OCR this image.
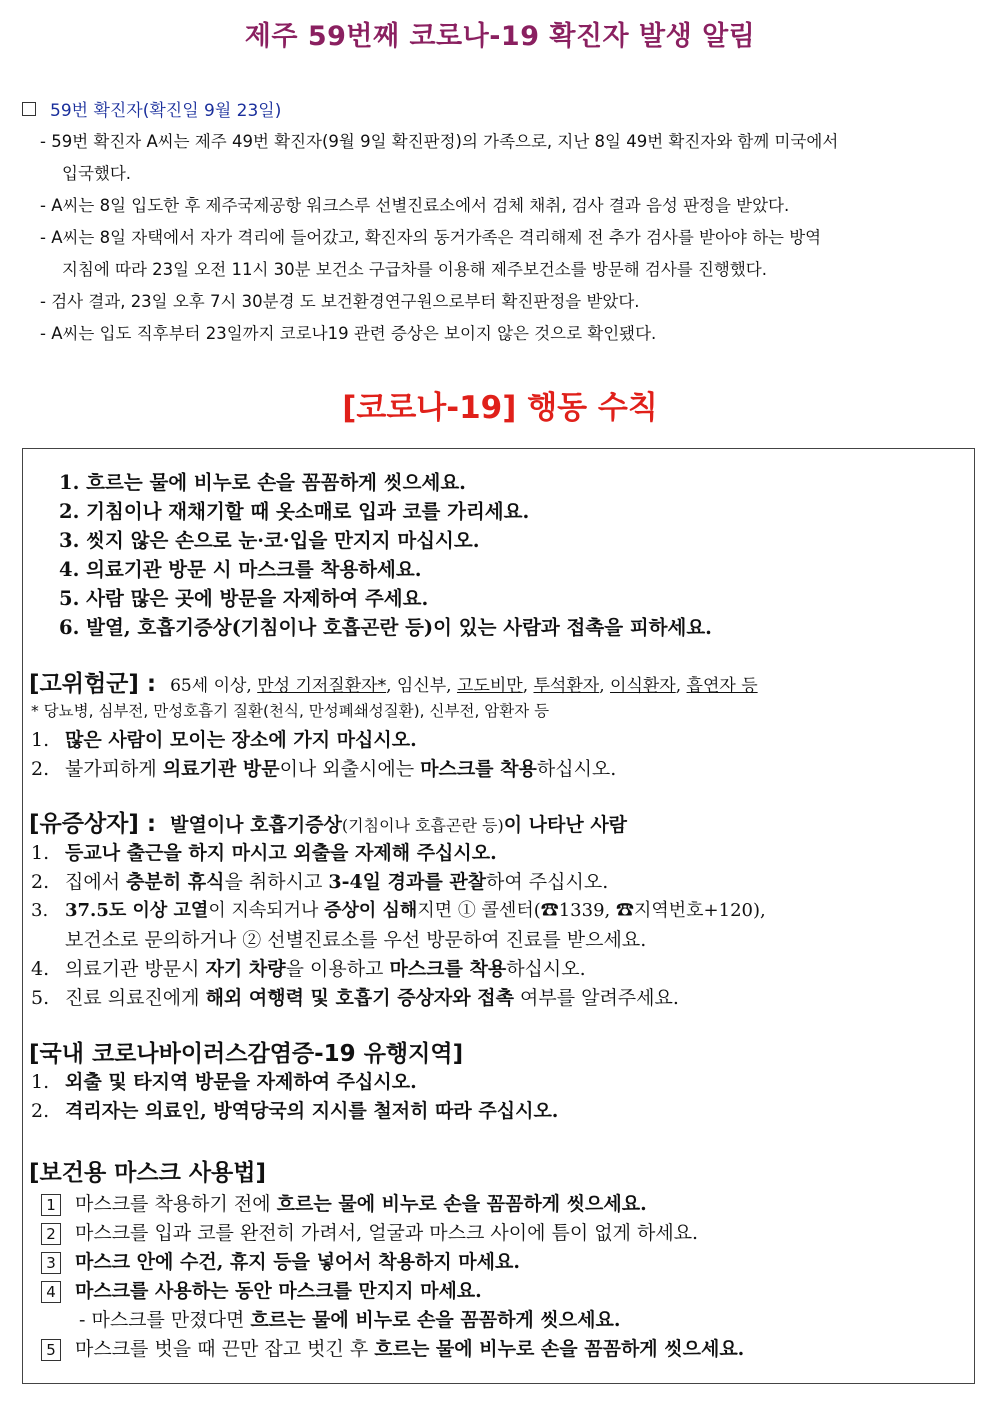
제주 59번째 코로나-19 확진자 발생 알림
59번 확진자(확진일 9월 23일)
- 59번 확진자 A씨는 제주 49번 확진자(9월 9일 확진판정)의 가족으로, 지난 8일 49번 확진자와 함께 미국에서
입국했다.
- A씨는 8일 입도한 후 제주국제공항 워크스루 선별진료소에서 검체 채취, 검사 결과 음성 판정을 받았다.
- A씨는 8일 자택에서 자가 격리에 들어갔고, 확진자의 동거가족은 격리해제 전 추가 검사를 받아야 하는 방역
지침에 따라 23일 오전 11시 30분 보건소 구급차를 이용해 제주보건소를 방문해 검사를 진행했다.
- 검사 결과, 23일 오후 7시 30분경 도 보건환경연구원으로부터 확진판정을 받았다.
- A씨는 입도 직후부터 23일까지 코로나19 관련 증상은 보이지 않은 것으로 확인됐다.
[코로나-19] 행동 수칙
1. 흐르는 물에 비누로 손을 꼼꼼하게 씻으세요.
2. 기침이나 재채기할 때 옷소매로 입과 코를 가리세요.
3. 씻지 않은 손으로 눈·코·입을 만지지 마십시오.
4. 의료기관 방문 시 마스크를 착용하세요.
5. 사람 많은 곳에 방문을 자제하여 주세요.
6. 발열, 호흡기증상(기침이나 호흡곤란 등)이 있는 사람과 접촉을 피하세요.
[고위험군] : 65세 이상, 만성 기저질환자*, 임신부, 고도비만, 투석환자, 이식환자, 흡연자 등
* 당뇨병, 심부전, 만성호흡기 질환(천식, 만성폐쇄성질환), 신부전, 암환자 등
1. 많은 사람이 모이는 장소에 가지 마십시오.
2. 불가피하게 의료기관 방문이나 외출시에는 마스크를 착용하십시오.
[유증상자] : 발열이나 호흡기증상(기침이나 호흡곤란 등)이 나타난 사람
1. 등교나 출근을 하지 마시고 외출을 자제해 주십시오.
2. 집에서 충분히 휴식을 취하시고 3-4일 경과를 관찰하여 주십시오.
3. 37.5도 이상 고열이 지속되거나 증상이 심해지면 ① 콜센터(☎1339, ☎지역번호+120),
보건소로 문의하거나 ② 선별진료소를 우선 방문하여 진료를 받으세요.
4. 의료기관 방문시 자기 차량을 이용하고 마스크를 착용하십시오.
5. 진료 의료진에게 해외 여행력 및 호흡기 증상자와 접촉 여부를 알려주세요.
[국내 코로나바이러스감염증-19 유행지역]
1. 외출 및 타지역 방문을 자제하여 주십시오.
2. 격리자는 의료인, 방역당국의 지시를 철저히 따라 주십시오.
[보건용 마스크 사용법]
1 마스크를 착용하기 전에 흐르는 물에 비누로 손을 꼼꼼하게 씻으세요.
2 마스크를 입과 코를 완전히 가려서, 얼굴과 마스크 사이에 틈이 없게 하세요.
3 마스크 안에 수건, 휴지 등을 넣어서 착용하지 마세요.
4 마스크를 사용하는 동안 마스크를 만지지 마세요.
- 마스크를 만졌다면 흐르는 물에 비누로 손을 꼼꼼하게 씻으세요.
5 마스크를 벗을 때 끈만 잡고 벗긴 후 흐르는 물에 비누로 손을 꼼꼼하게 씻으세요.
